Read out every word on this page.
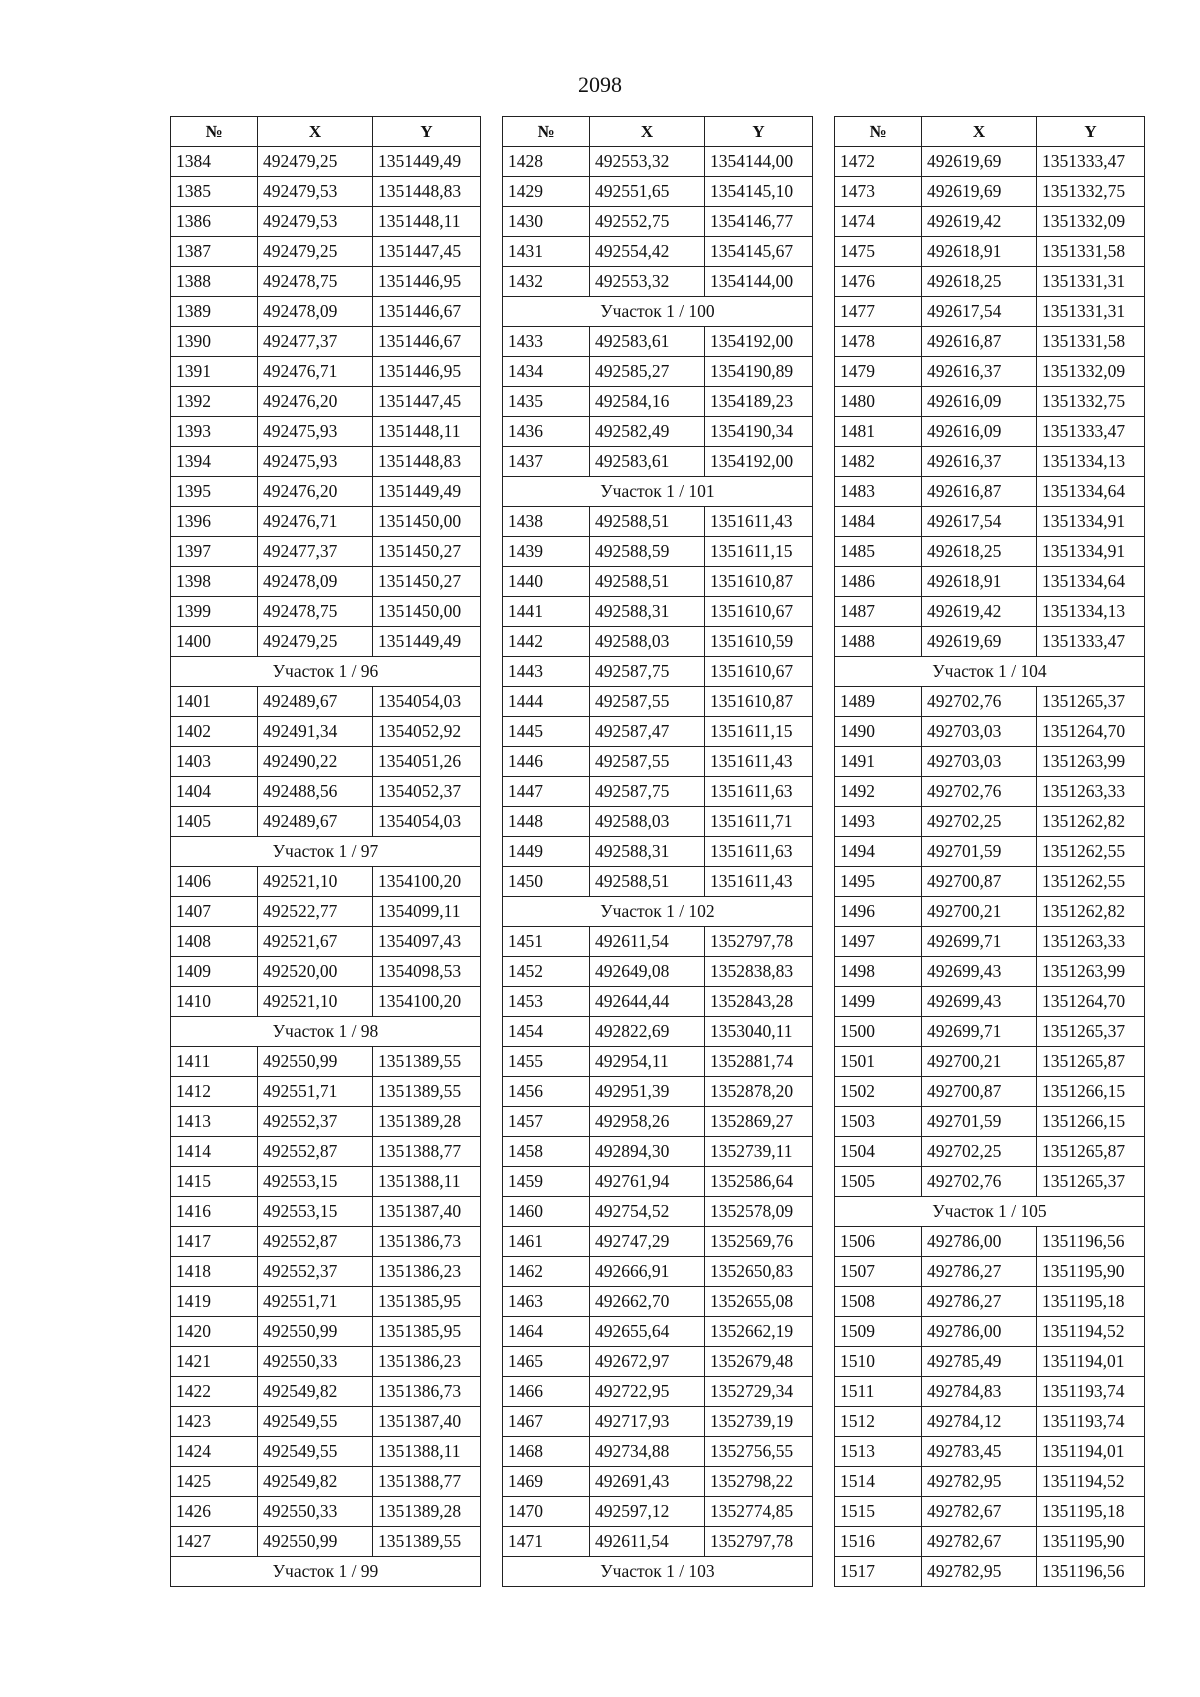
2098
№	X	Y
1384	492479,25	1351449,49
1385	492479,53	1351448,83
1386	492479,53	1351448,11
1387	492479,25	1351447,45
1388	492478,75	1351446,95
1389	492478,09	1351446,67
1390	492477,37	1351446,67
1391	492476,71	1351446,95
1392	492476,20	1351447,45
1393	492475,93	1351448,11
1394	492475,93	1351448,83
1395	492476,20	1351449,49
1396	492476,71	1351450,00
1397	492477,37	1351450,27
1398	492478,09	1351450,27
1399	492478,75	1351450,00
1400	492479,25	1351449,49
Участок 1 / 96		
1401	492489,67	1354054,03
1402	492491,34	1354052,92
1403	492490,22	1354051,26
1404	492488,56	1354052,37
1405	492489,67	1354054,03
Участок 1 / 97		
1406	492521,10	1354100,20
1407	492522,77	1354099,11
1408	492521,67	1354097,43
1409	492520,00	1354098,53
1410	492521,10	1354100,20
Участок 1 / 98		
1411	492550,99	1351389,55
1412	492551,71	1351389,55
1413	492552,37	1351389,28
1414	492552,87	1351388,77
1415	492553,15	1351388,11
1416	492553,15	1351387,40
1417	492552,87	1351386,73
1418	492552,37	1351386,23
1419	492551,71	1351385,95
1420	492550,99	1351385,95
1421	492550,33	1351386,23
1422	492549,82	1351386,73
1423	492549,55	1351387,40
1424	492549,55	1351388,11
1425	492549,82	1351388,77
1426	492550,33	1351389,28
1427	492550,99	1351389,55
Участок 1 / 99		
№	X	Y
1428	492553,32	1354144,00
1429	492551,65	1354145,10
1430	492552,75	1354146,77
1431	492554,42	1354145,67
1432	492553,32	1354144,00
Участок 1 / 100		
1433	492583,61	1354192,00
1434	492585,27	1354190,89
1435	492584,16	1354189,23
1436	492582,49	1354190,34
1437	492583,61	1354192,00
Участок 1 / 101		
1438	492588,51	1351611,43
1439	492588,59	1351611,15
1440	492588,51	1351610,87
1441	492588,31	1351610,67
1442	492588,03	1351610,59
1443	492587,75	1351610,67
1444	492587,55	1351610,87
1445	492587,47	1351611,15
1446	492587,55	1351611,43
1447	492587,75	1351611,63
1448	492588,03	1351611,71
1449	492588,31	1351611,63
1450	492588,51	1351611,43
Участок 1 / 102		
1451	492611,54	1352797,78
1452	492649,08	1352838,83
1453	492644,44	1352843,28
1454	492822,69	1353040,11
1455	492954,11	1352881,74
1456	492951,39	1352878,20
1457	492958,26	1352869,27
1458	492894,30	1352739,11
1459	492761,94	1352586,64
1460	492754,52	1352578,09
1461	492747,29	1352569,76
1462	492666,91	1352650,83
1463	492662,70	1352655,08
1464	492655,64	1352662,19
1465	492672,97	1352679,48
1466	492722,95	1352729,34
1467	492717,93	1352739,19
1468	492734,88	1352756,55
1469	492691,43	1352798,22
1470	492597,12	1352774,85
1471	492611,54	1352797,78
Участок 1 / 103		
№	X	Y
1472	492619,69	1351333,47
1473	492619,69	1351332,75
1474	492619,42	1351332,09
1475	492618,91	1351331,58
1476	492618,25	1351331,31
1477	492617,54	1351331,31
1478	492616,87	1351331,58
1479	492616,37	1351332,09
1480	492616,09	1351332,75
1481	492616,09	1351333,47
1482	492616,37	1351334,13
1483	492616,87	1351334,64
1484	492617,54	1351334,91
1485	492618,25	1351334,91
1486	492618,91	1351334,64
1487	492619,42	1351334,13
1488	492619,69	1351333,47
Участок 1 / 104		
1489	492702,76	1351265,37
1490	492703,03	1351264,70
1491	492703,03	1351263,99
1492	492702,76	1351263,33
1493	492702,25	1351262,82
1494	492701,59	1351262,55
1495	492700,87	1351262,55
1496	492700,21	1351262,82
1497	492699,71	1351263,33
1498	492699,43	1351263,99
1499	492699,43	1351264,70
1500	492699,71	1351265,37
1501	492700,21	1351265,87
1502	492700,87	1351266,15
1503	492701,59	1351266,15
1504	492702,25	1351265,87
1505	492702,76	1351265,37
Участок 1 / 105		
1506	492786,00	1351196,56
1507	492786,27	1351195,90
1508	492786,27	1351195,18
1509	492786,00	1351194,52
1510	492785,49	1351194,01
1511	492784,83	1351193,74
1512	492784,12	1351193,74
1513	492783,45	1351194,01
1514	492782,95	1351194,52
1515	492782,67	1351195,18
1516	492782,67	1351195,90
1517	492782,95	1351196,56
